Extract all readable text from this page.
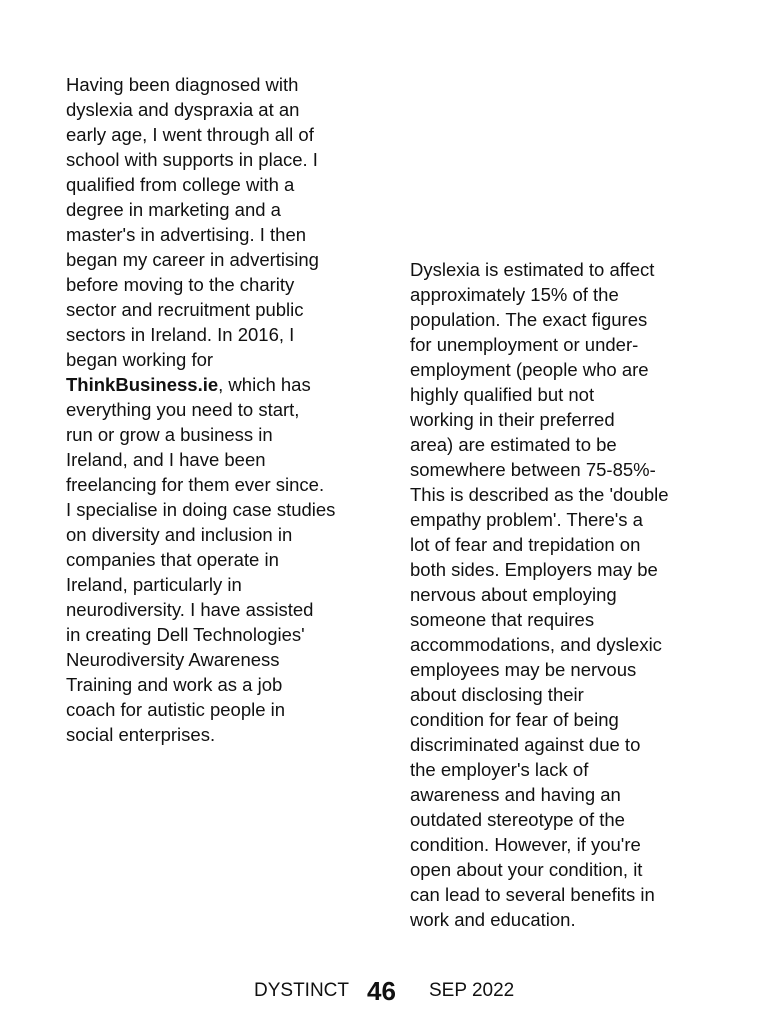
Having been diagnosed with
dyslexia and dyspraxia at an
early age, I went through all of
school with supports in place. I
qualified from college with a
degree in marketing and a
master's in advertising. I then
began my career in advertising
before moving to the charity
sector and recruitment public
sectors in Ireland. In 2016, I
began working for
ThinkBusiness.ie, which has
everything you need to start,
run or grow a business in
Ireland, and I have been
freelancing for them ever since.
I specialise in doing case studies
on diversity and inclusion in
companies that operate in
Ireland, particularly in
neurodiversity. I have assisted
in creating Dell Technologies'
Neurodiversity Awareness
Training and work as a job
coach for autistic people in
social enterprises.
Dyslexia is estimated to affect
approximately 15% of the
population. The exact figures
for unemployment or under-
employment (people who are
highly qualified but not
working in their preferred
area) are estimated to be
somewhere between 75-85%-
This is described as the 'double
empathy problem'. There's a
lot of fear and trepidation on
both sides. Employers may be
nervous about employing
someone that requires
accommodations, and dyslexic
employees may be nervous
about disclosing their
condition for fear of being
discriminated against due to
the employer's lack of
awareness and having an
outdated stereotype of the
condition. However, if you're
open about your condition, it
can lead to several benefits in
work and education.
DYSTINCT 46 SEP 2022
